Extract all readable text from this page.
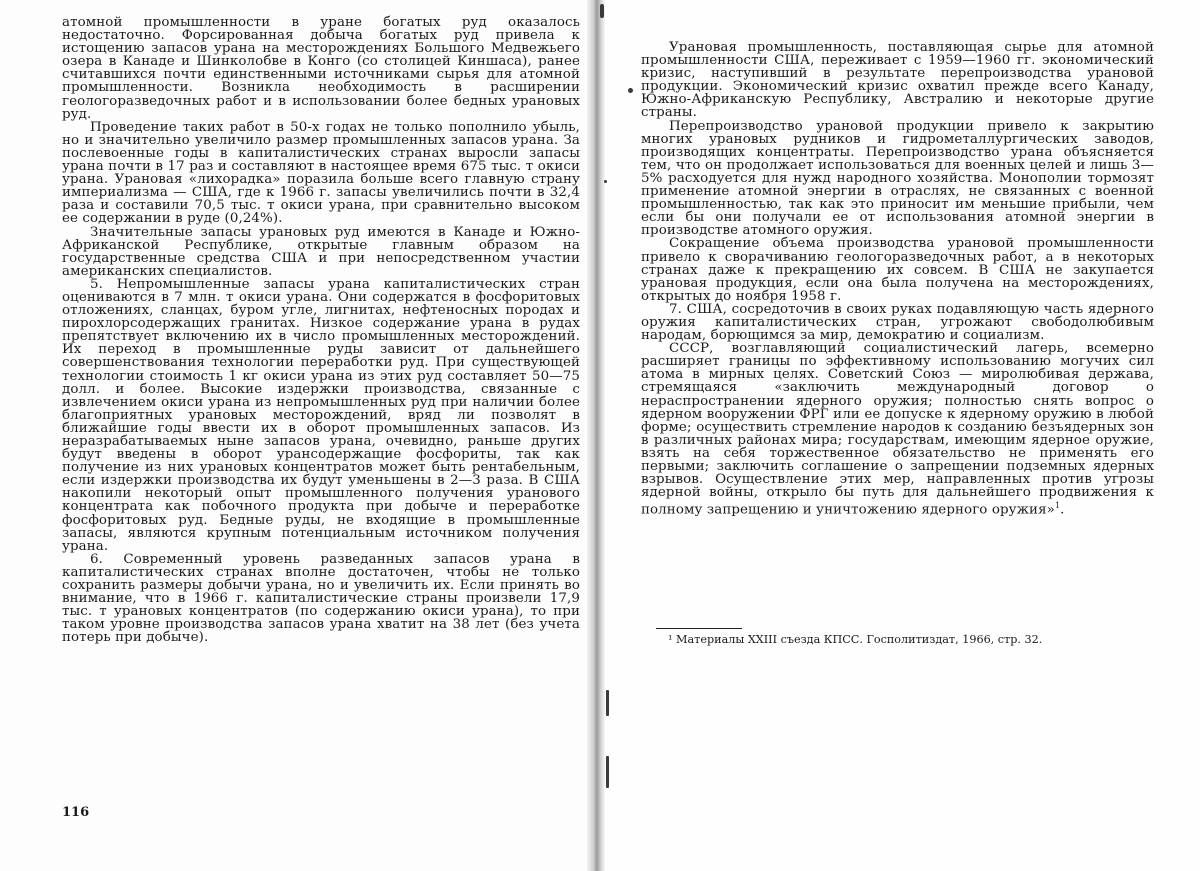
атомной промышленности в уране богатых руд оказалось недостаточно. Форсированная добыча богатых руд привела к истощению запасов урана на месторождениях Большого Медвежьего озера в Канаде и Шинколобве в Конго (со столицей Киншаса), ранее считавшихся почти единственными источниками сырья для атомной промышленности. Возникла необходимость в расширении геологоразведочных работ и в использовании более бедных урановых руд.

Проведение таких работ в 50-х годах не только пополнило убыль, но и значительно увеличило размер промышленных запасов урана. За послевоенные годы в капиталистических странах выросли запасы урана почти в 17 раз и составляют в настоящее время 675 тыс. т окиси урана. Урановая «лихорадка» поразила больше всего главную страну империализма — США, где к 1966 г. запасы увеличились почти в 32,4 раза и составили 70,5 тыс. т окиси урана, при сравнительно высоком ее содержании в руде (0,24%).

Значительные запасы урановых руд имеются в Канаде и Южно-Африканской Республике, открытые главным образом на государственные средства США и при непосредственном участии американских специалистов.

5. Непромышленные запасы урана капиталистических стран оцениваются в 7 млн. т окиси урана. Они содержатся в фосфоритовых отложениях, сланцах, буром угле, лигнитах, нефтеносных породах и пирохлорсодержащих гранитах. Низкое содержание урана в рудах препятствует включению их в число промышленных месторождений. Их переход в промышленные руды зависит от дальнейшего совершенствования технологии переработки руд. При существующей технологии стоимость 1 кг окиси урана из этих руд составляет 50—75 долл. и более. Высокие издержки производства, связанные с извлечением окиси урана из непромышленных руд при наличии более благоприятных урановых месторождений, вряд ли позволят в ближайшие годы ввести их в оборот промышленных запасов. Из неразрабатываемых ныне запасов урана, очевидно, раньше других будут введены в оборот уранcодержащие фосфориты, так как получение из них урановых концентратов может быть рентабельным, если издержки производства их будут уменьшены в 2—3 раза. В США накопили некоторый опыт промышленного получения уранового концентрата как побочного продукта при добыче и переработке фосфоритовых руд. Бедные руды, не входящие в промышленные запасы, являются крупным потенциальным источником получения урана.

6. Современный уровень разведанных запасов урана в капиталистических странах вполне достаточен, чтобы не только сохранить размеры добычи урана, но и увеличить их. Если принять во внимание, что в 1966 г. капиталистические страны произвели 17,9 тыс. т урановых концентратов (по содержанию окиси урана), то при таком уровне производства запасов урана хватит на 38 лет (без учета потерь при добыче).

116

Урановая промышленность, поставляющая сырье для атомной промышленности США, переживает с 1959—1960 гг. экономический кризис, наступивший в результате перепроизводства урановой продукции. Экономический кризис охватил прежде всего Канаду, Южно-Африканскую Республику, Австралию и некоторые другие страны.

Перепроизводство урановой продукции привело к закрытию многих урановых рудников и гидрометаллургических заводов, производящих концентраты. Перепроизводство урана объясняется тем, что он продолжает использоваться для военных целей и лишь 3—5% расходуется для нужд народного хозяйства. Монополии тормозят применение атомной энергии в отраслях, не связанных с военной промышленностью, так как это приносит им меньшие прибыли, чем если бы они получали ее от использования атомной энергии в производстве атомного оружия.

Сокращение объема производства урановой промышленности привело к сворачиванию геологоразведочных работ, а в некоторых странах даже к прекращению их совсем. В США не закупается урановая продукция, если она была получена на месторождениях, открытых до ноября 1958 г.

7. США, сосредоточив в своих руках подавляющую часть ядерного оружия капиталистических стран, угрожают свободолюбивым народам, борющимся за мир, демократию и социализм.

СССР, возглавляющий социалистический лагерь, всемерно расширяет границы по эффективному использованию могучих сил атома в мирных целях. Советский Союз — миролюбивая держава, стремящаяся «заключить международный договор о нераспространении ядерного оружия; полностью снять вопрос о ядерном вооружении ФРГ или ее допуске к ядерному оружию в любой форме; осуществить стремление народов к созданию безъядерных зон в различных районах мира; государствам, имеющим ядерное оружие, взять на себя торжественное обязательство не применять его первыми; заключить соглашение о запрещении подземных ядерных взрывов. Осуществление этих мер, направленных против угрозы ядерной войны, открыло бы путь для дальнейшего продвижения к полному запрещению и уничтожению ядерного оружия»$^1$.

¹ Материалы XXIII съезда КПСС. Госполитиздат, 1966, стр. 32.
